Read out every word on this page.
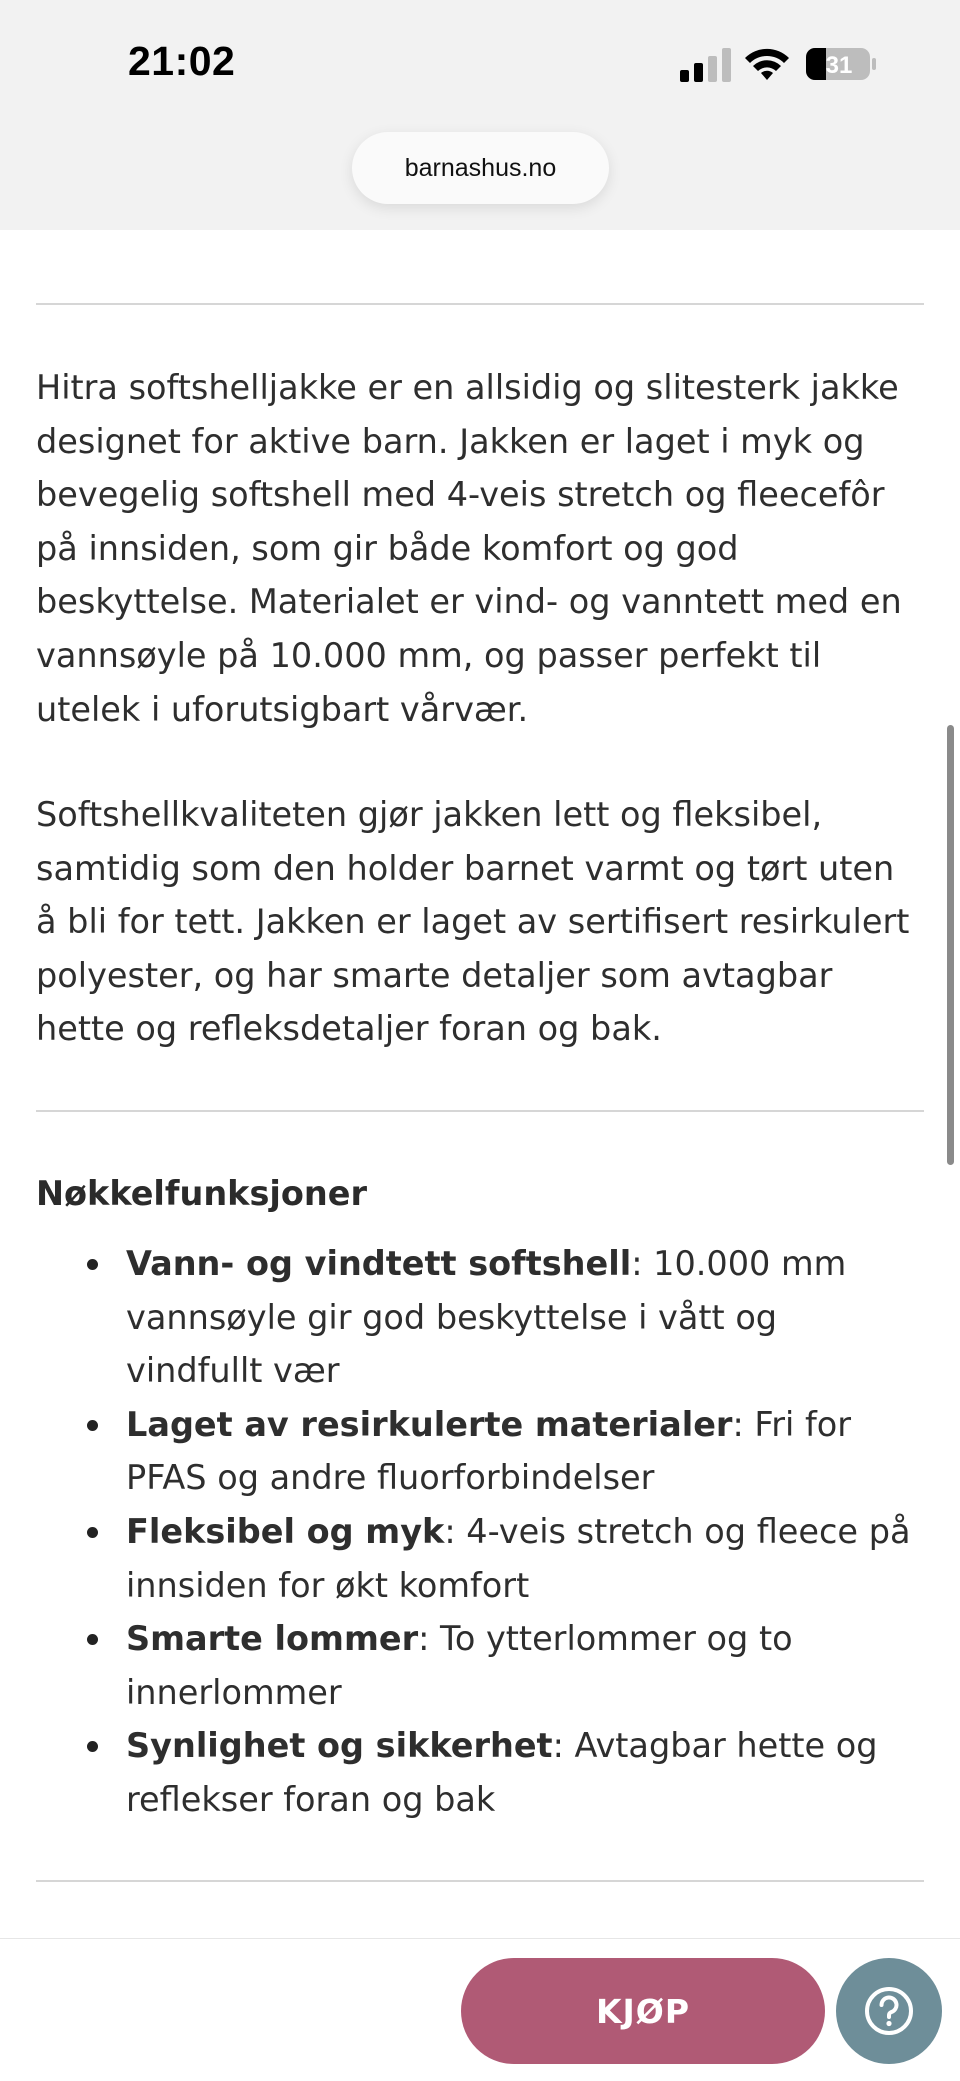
21:02	31
barnashus.no

Hitra softshelljakke er en allsidig og slitesterk jakke designet for aktive barn. Jakken er laget i myk og bevegelig softshell med 4-veis stretch og fleecefôr på innsiden, som gir både komfort og god beskyttelse. Materialet er vind- og vanntett med en vannsøyle på 10.000 mm, og passer perfekt til utelek i uforutsigbart vårvær.

Softshellkvaliteten gjør jakken lett og fleksibel, samtidig som den holder barnet varmt og tørt uten å bli for tett. Jakken er laget av sertifisert resirkulert polyester, og har smarte detaljer som avtagbar hette og refleksdetaljer foran og bak.

Nøkkelfunksjoner
Vann- og vindtett softshell: 10.000 mm vannsøyle gir god beskyttelse i vått og vindfullt vær
Laget av resirkulerte materialer: Fri for PFAS og andre fluorforbindelser
Fleksibel og myk: 4-veis stretch og fleece på innsiden for økt komfort
Smarte lommer: To ytterlommer og to innerlommer
Synlighet og sikkerhet: Avtagbar hette og reflekser foran og bak
KJØP
